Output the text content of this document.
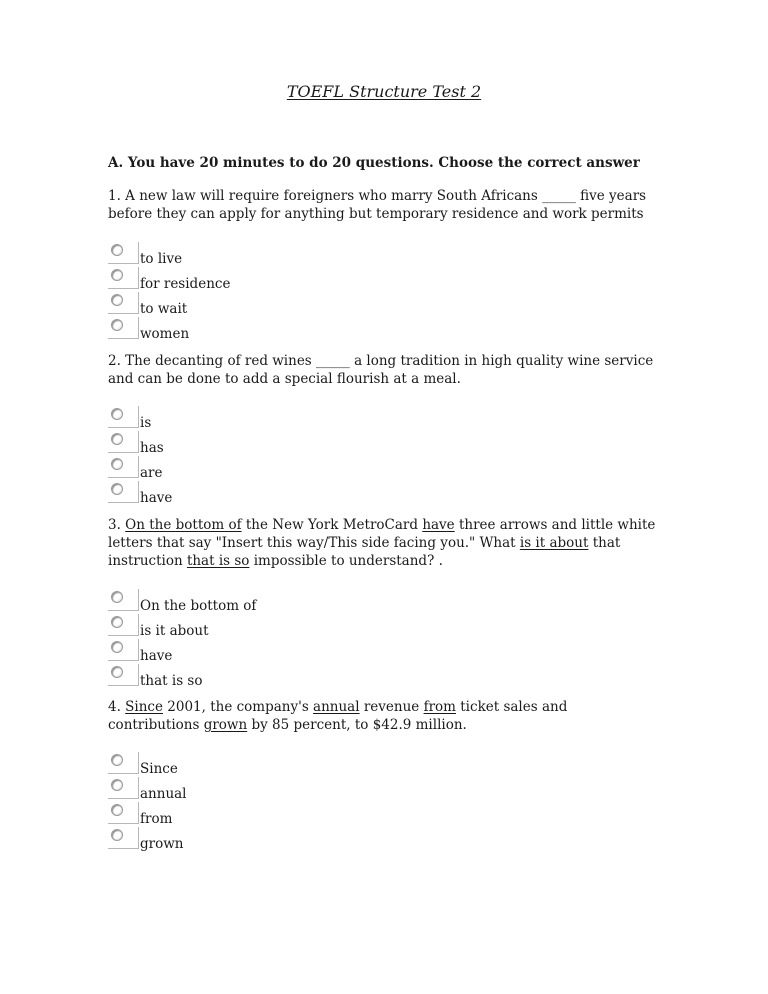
TOEFL Structure Test 2
A. You have 20 minutes to do 20 questions. Choose the correct answer
1. A new law will require foreigners who marry South Africans _____ five years before they can apply for anything but temporary residence and work permits
to live
for residence
to wait
women
2. The decanting of red wines _____ a long tradition in high quality wine service and can be done to add a special flourish at a meal.
is
has
are
have
3. On the bottom of the New York MetroCard have three arrows and little white letters that say "Insert this way/This side facing you." What is it about that instruction that is so impossible to understand? .
On the bottom of
is it about
have
that is so
4. Since 2001, the company's annual revenue from ticket sales and contributions grown by 85 percent, to $42.9 million.
Since
annual
from
grown
